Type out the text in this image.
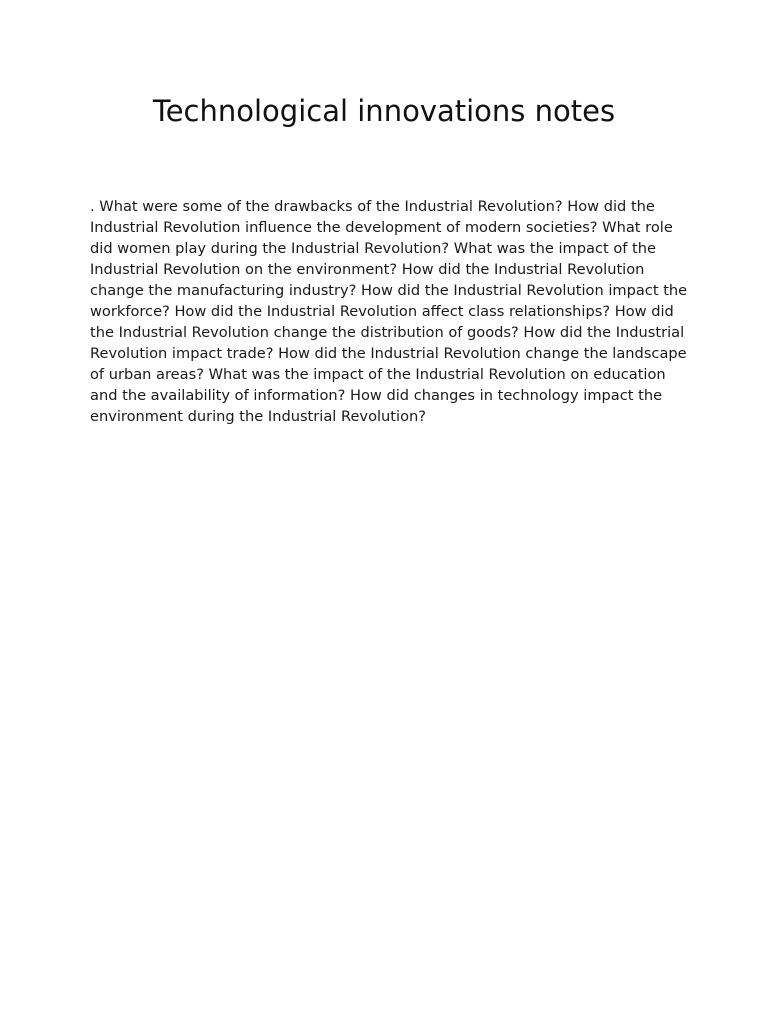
Technological innovations notes

. What were some of the drawbacks of the Industrial Revolution? How did the Industrial Revolution influence the development of modern societies? What role did women play during the Industrial Revolution? What was the impact of the Industrial Revolution on the environment? How did the Industrial Revolution change the manufacturing industry? How did the Industrial Revolution impact the workforce? How did the Industrial Revolution affect class relationships? How did the Industrial Revolution change the distribution of goods? How did the Industrial Revolution impact trade? How did the Industrial Revolution change the landscape of urban areas? What was the impact of the Industrial Revolution on education and the availability of information? How did changes in technology impact the environment during the Industrial Revolution?
